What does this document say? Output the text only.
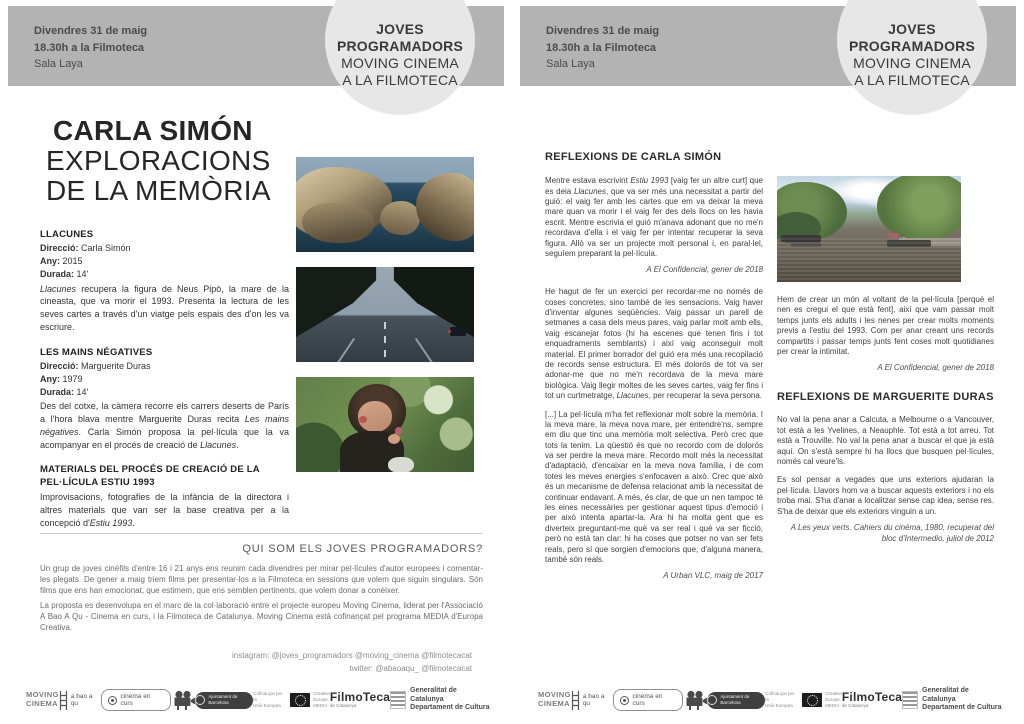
Divendres 31 de maig
18.30h a la Filmoteca
Sala Laya
JOVES
PROGRAMADORS
MOVING CINEMA
A LA FILMOTECA
CARLA SIMÓN
EXPLORACIONS
DE LA MEMÒRIA
LLACUNES
Direcció: Carla Simón
Any: 2015
Durada: 14'
Llacunes recupera la figura de Neus Pipó, la mare de la cineasta, que va morir el 1993. Presenta la lectura de les seves cartes a través d'un viatge pels espais des d'on les va escriure.
LES MAINS NÉGATIVES
Direcció: Marguerite Duras
Any: 1979
Durada: 14'
Des del cotxe, la càmera recorre els carrers deserts de París a l'hora blava mentre Marguerite Duras recita Les mains négatives. Carla Simón proposa la pel·lícula que la va acompanyar en el procés de creació de Llacunes.
MATERIALS DEL PROCÉS DE CREACIÓ DE LA PEL·LÍCULA ESTIU 1993
Improvisacions, fotografies de la infància de la directora i altres materials que van ser la base creativa per a la concepció d'Estiu 1993.
QUI SOM ELS JOVES PROGRAMADORS?

Un grup de joves cinèfils d'entre 16 i 21 anys ens reunim cada divendres per mirar pel·lícules d'autor europees i comentar-les plegats. De gener a maig triem films per presentar-los a la Filmoteca en sessions que volem que siguin singulars. Són films que ens han emocionat, que estimem, que ens semblen pertinents, que volem donar a conèixer.

La proposta es desenvolupa en el marc de la col·laboració entre el projecte europeu Moving Cinema, liderat per l'Associació A Bao A Qu - Cinema en curs, i la Filmoteca de Catalunya. Moving Cinema està cofinançat pel programa MEDIA d'Europa Creativa.

instagram: @joves_programadors @moving_cinema @filmotecacat
twitter: @abaoaqu_ @filmotecacat
MOVING
CINEMA
a bao a qu
cinema en curs
Ajuntament de Barcelona
Cofinançat per la
Unió Europea
Creative
Europe
MEDIA
FilmoTeca
de Catalunya
Generalitat de Catalunya
Departament de Cultura
Divendres 31 de maig
18.30h a la Filmoteca
Sala Laya
JOVES
PROGRAMADORS
MOVING CINEMA
A LA FILMOTECA
REFLEXIONS DE CARLA SIMÓN

Mentre estava escrivint Estiu 1993 [vaig fer un altre curt] que es deia Llacunes, que va ser més una necessitat a partir del guió: el vaig fer amb les cartes que em va deixar la meva mare quan va morir i el vaig fer des dels llocs on les havia escrit. Mentre escrivia el guió m'anava adonant que no me'n recordava d'ella i el vaig fer per intentar recuperar la seva figura. Allò va ser un projecte molt personal i, en paral·lel, seguíem preparant la pel·lícula.

A El Confidencial, gener de 2018

He hagut de fer un exercici per recordar-me no només de coses concretes, sino també de les sensacions. Vaig haver d'inventar algunes seqüències. Vaig passar un parell de setmanes a casa dels meus pares, vaig parlar molt amb ells, vaig escanejar fotos (hi ha escenes que tenen fins i tot enquadraments semblants) i així vaig aconseguir molt material. El primer borrador del guió era més una recopilació de records sense estructura. El més dolorós de tot va ser adonar-me que no me'n recordava de la meva mare biològica. Vaig llegir moltes de les seves cartes, vaig fer fins i tot un curtmetratge, Llacunes, per recuperar la seva persona.

[...] La pel·lícula m'ha fet reflexionar molt sobre la memòria. I la meva mare, la meva nova mare, per entendre'ns, sempre em diu que tinc una memòria molt selectiva. Però crec que tots la tenim. La qüestió és que no recordo com de dolorós va ser perdre la meva mare. Recordo molt més la necessitat d'adaptació, d'encaixar en la meva nova família, i de com totes les meves energies s'enfocaven a això. Crec que això és un mecanisme de defensa relacionat amb la necessitat de continuar endavant. A més, és clar, de que un nen tampoc té les eines necessàries per gestionar aquest tipus d'emoció i per això intenta apartar-la. Ara hi ha molta gent que es diverteix preguntant-me què va ser real i què va ser ficció, però no està tan clar: hi ha coses que potser no van ser fets reals, pero sí que sorgien d'emocions que, d'alguna manera, també són reals.

A Urban VLC, maig de 2017

Hem de crear un món al voltant de la pel·lícula [perquè el nen es cregui el que està fent], així que vam passar molt temps junts els adults i les nenes per crear molts moments previs a l'estiu del 1993. Com per anar creant uns records compartits i passar temps junts fent coses molt quotidianes per crear la intimitat.

A El Confidencial, gener de 2018
REFLEXIONS DE MARGUERITE DURAS

No val la pena anar a Calcuta, a Melbourne o a Vancouver, tot està a les Yvelines, a Neauphle. Tot està a tot arreu. Tot està a Trouville. No val la pena anar a buscar el que ja està aquí. On s'està sempre hi ha llocs que busquen pel·lícules, només cal veure'ls.

Es sol pensar a vegades que uns exteriors ajudaran la pel·lícula. Llavors hom va a buscar aquests exteriors i no els troba mai. S'ha d'anar a localitzar sense cap idea, sense res. S'ha de deixar que els exteriors vinguin a un.

A Les yeux verts. Cahiers du cinéma, 1980, recuperat del bloc d'Intermedio, juliol de 2012
MOVING
CINEMA
a bao a qu
cinema en curs
Ajuntament de Barcelona
Cofinançat per la
Unió Europea
Creative
Europe
MEDIA
FilmoTeca
de Catalunya
Generalitat de Catalunya
Departament de Cultura
